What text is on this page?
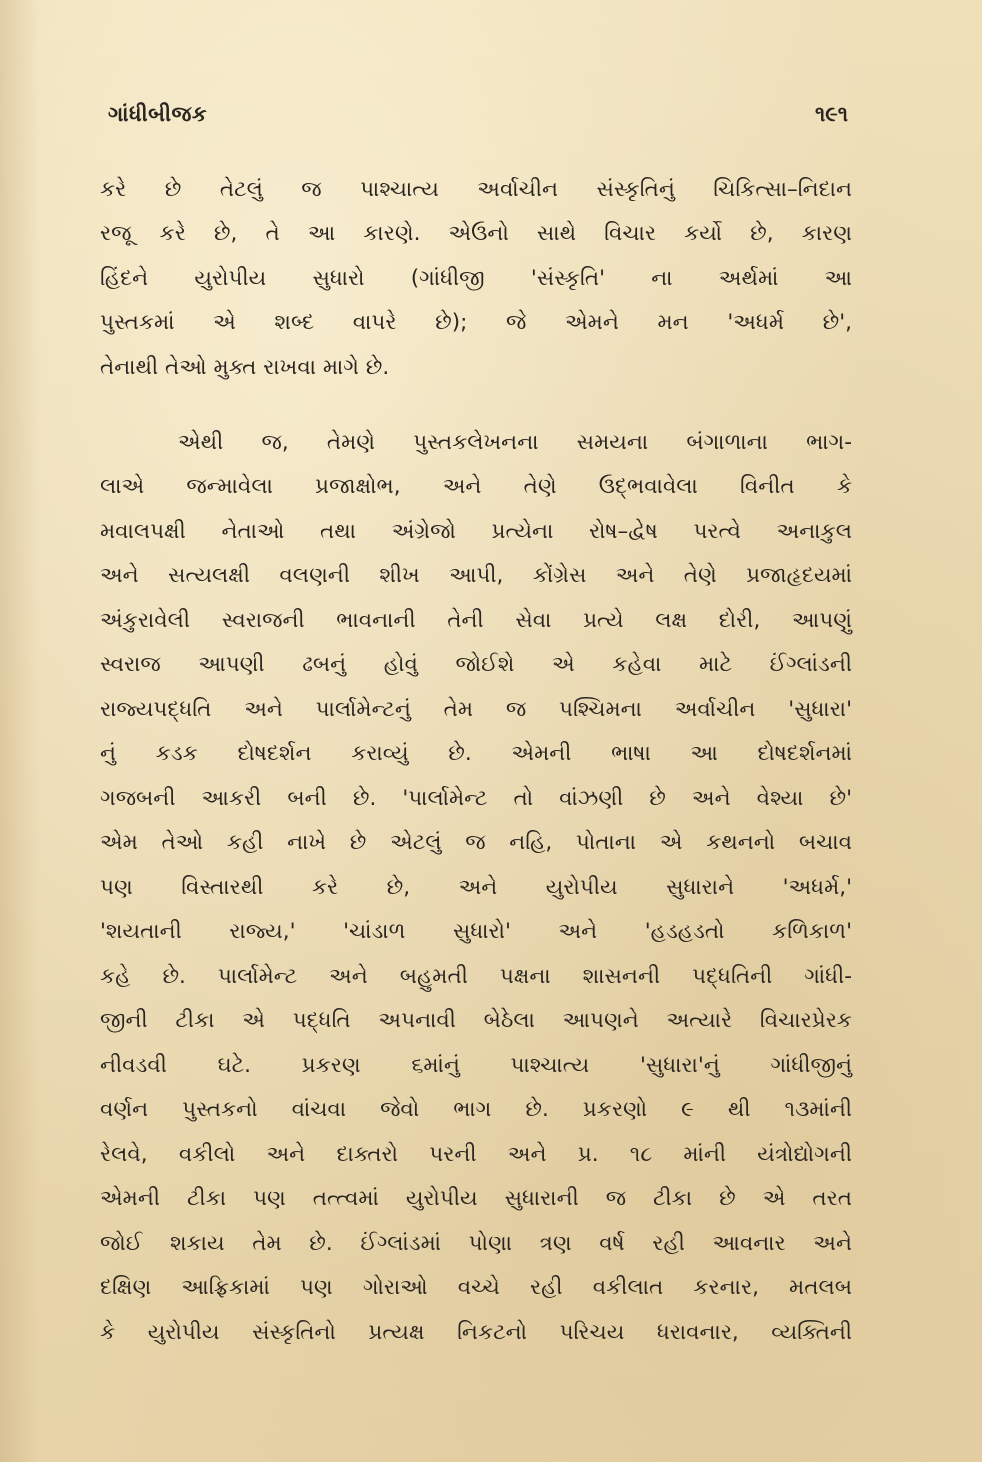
ગાંધીબીજક	૧૯૧
કરે છે તેટલું જ પાશ્ચાત્ય અર્વાચીન સંસ્કૃતિનું ચિકિત્સા–નિદાન
રજૂ કરે છે, તે આ કારણે. એઉનો સાથે વિચાર કર્યો છે, કારણ
હિંદને યુરોપીય સુધારો (ગાંધીજી 'સંસ્કૃતિ' ના અર્થમાં આ
પુસ્તકમાં એ શબ્દ વાપરે છે); જે એમને મન 'અધર્મ છે',
તેનાથી તેઓ મુક્ત રાખવા માગે છે.
એથી જ, તેમણે પુસ્તકલેખનના સમયના બંગાળાના ભાગ-
લાએ જન્માવેલા પ્રજાક્ષોભ, અને તેણે ઉદ્ભવાવેલા વિનીત કે
મવાલપક્ષી નેતાઓ તથા અંગ્રેજો પ્રત્યેના રોષ–દ્વેષ પરત્વે અનાકુલ
અને સત્યલક્ષી વલણની શીખ આપી, કોંગ્રેસ અને તેણે પ્રજાહૃદયમાં
અંકુરાવેલી સ્વરાજની ભાવનાની તેની સેવા પ્રત્યે લક્ષ દોરી, આપણું
સ્વરાજ આપણી ઢબનું હોવું જોઈશે એ કહેવા માટે ઈંગ્લાંડની
રાજ્યપદ્ધતિ અને પાર્લામેન્ટનું તેમ જ પશ્ચિમના અર્વાચીન 'સુધારા'
નું કડક દોષદર્શન કરાવ્યું છે. એમની ભાષા આ દોષદર્શનમાં
ગજબની આકરી બની છે. 'પાર્લામેન્ટ તો વાંઝણી છે અને વેશ્યા છે'
એમ તેઓ કહી નાખે છે એટલું જ નહિ, પોતાના એ કથનનો બચાવ
પણ વિસ્તારથી કરે છે, અને યુરોપીય સુધારાને 'અધર્મ,'
'શયતાની રાજ્ય,' 'ચાંડાળ સુધારો' અને 'હડહડતો કળિકાળ'
કહે છે. પાર્લામેન્ટ અને બહુમતી પક્ષના શાસનની પદ્ધતિની ગાંધી-
જીની ટીકા એ પદ્ધતિ અપનાવી બેઠેલા આપણને અત્યારે વિચારપ્રેરક
નીવડવી ઘટે. પ્રકરણ ૬માંનું પાશ્ચાત્ય 'સુધારા'નું ગાંધીજીનું
વર્ણન પુસ્તકનો વાંચવા જેવો ભાગ છે. પ્રકરણો ૯ થી ૧૩માંની
રેલવે, વકીલો અને દાક્તરો પરની અને પ્ર. ૧૮ માંની યંત્રોદ્યોગની
એમની ટીકા પણ તત્ત્વમાં યુરોપીય સુધારાની જ ટીકા છે એ તરત
જોઈ શકાય તેમ છે. ઈંગ્લાંડમાં પોણા ત્રણ વર્ષ રહી આવનાર અને
દક્ષિણ આફ્રિકામાં પણ ગોરાઓ વચ્ચે રહી વકીલાત કરનાર, મતલબ
કે યુરોપીય સંસ્કૃતિનો પ્રત્યક્ષ નિકટનો પરિચય ધરાવનાર, વ્યક્તિની
